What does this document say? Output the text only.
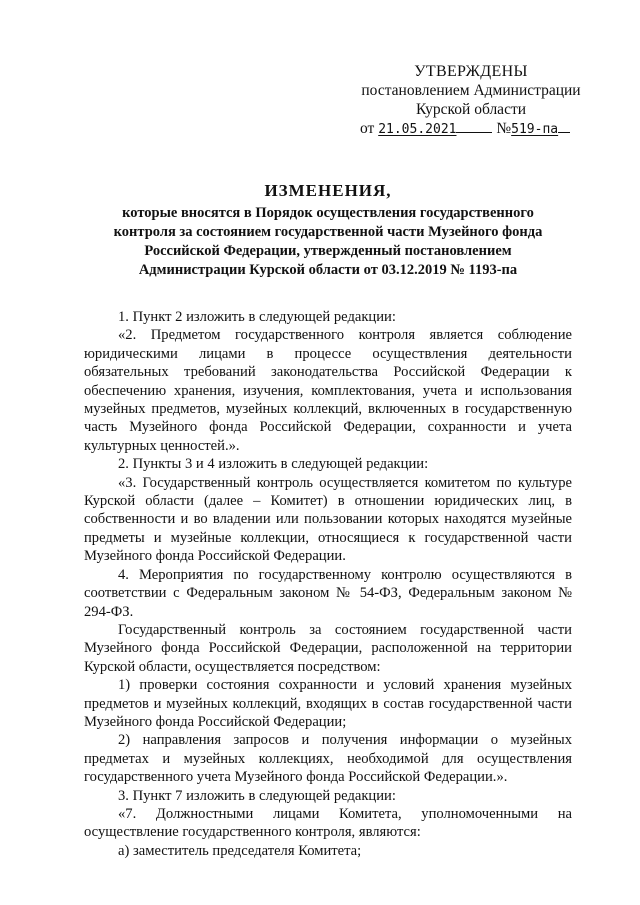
УТВЕРЖДЕНЫ
постановлением Администрации
Курской области
от 21.05.2021	№519-па
ИЗМЕНЕНИЯ,
которые вносятся в Порядок осуществления государственного контроля за состоянием государственной части Музейного фонда Российской Федерации, утвержденный постановлением Администрации Курской области от 03.12.2019 № 1193-па

1. Пункт 2 изложить в следующей редакции:

«2. Предметом государственного контроля является соблюдение юридическими лицами в процессе осуществления деятельности обязательных требований законодательства Российской Федерации к обеспечению хранения, изучения, комплектования, учета и использования музейных предметов, музейных коллекций, включенных в государственную часть Музейного фонда Российской Федерации, сохранности и учета культурных ценностей.».

2. Пункты 3 и 4 изложить в следующей редакции:

«3. Государственный контроль осуществляется комитетом по культуре Курской области (далее – Комитет) в отношении юридических лиц, в собственности и во владении или пользовании которых находятся музейные предметы и музейные коллекции, относящиеся к государственной части Музейного фонда Российской Федерации.

4. Мероприятия по государственному контролю осуществляются в соответствии с Федеральным законом № 54-ФЗ, Федеральным законом № 294-ФЗ.

Государственный контроль за состоянием государственной части Музейного фонда Российской Федерации, расположенной на территории Курской области, осуществляется посредством:

1) проверки состояния сохранности и условий хранения музейных предметов и музейных коллекций, входящих в состав государственной части Музейного фонда Российской Федерации;

2) направления запросов и получения информации о музейных предметах и музейных коллекциях, необходимой для осуществления государственного учета Музейного фонда Российской Федерации.».

3. Пункт 7 изложить в следующей редакции:

«7. Должностными лицами Комитета, уполномоченными на осуществление государственного контроля, являются:

а) заместитель председателя Комитета;
